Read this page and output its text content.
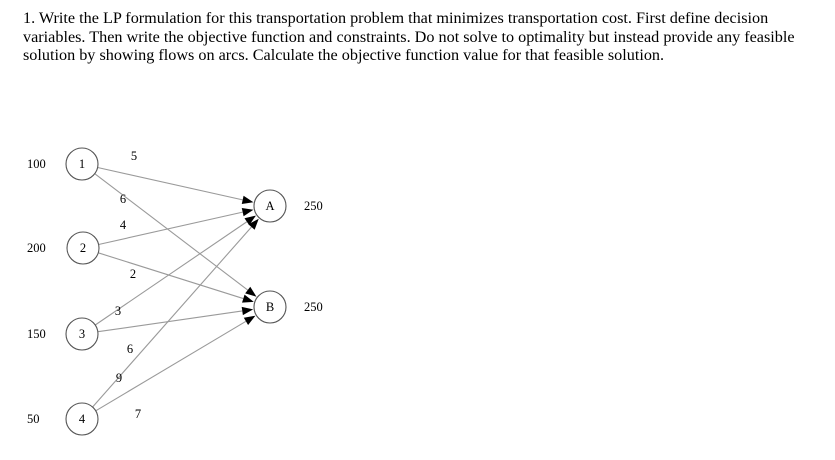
1. Write the LP formulation for this transportation problem that minimizes transportation cost. First define decision variables. Then write the objective function and constraints. Do not solve to optimality but instead provide any feasible solution by showing flows on arcs. Calculate the objective function value for that feasible solution.

1
2
3
4
A
B
5
6
4
2
3
6
9
7
100
200
150
50
250
250
